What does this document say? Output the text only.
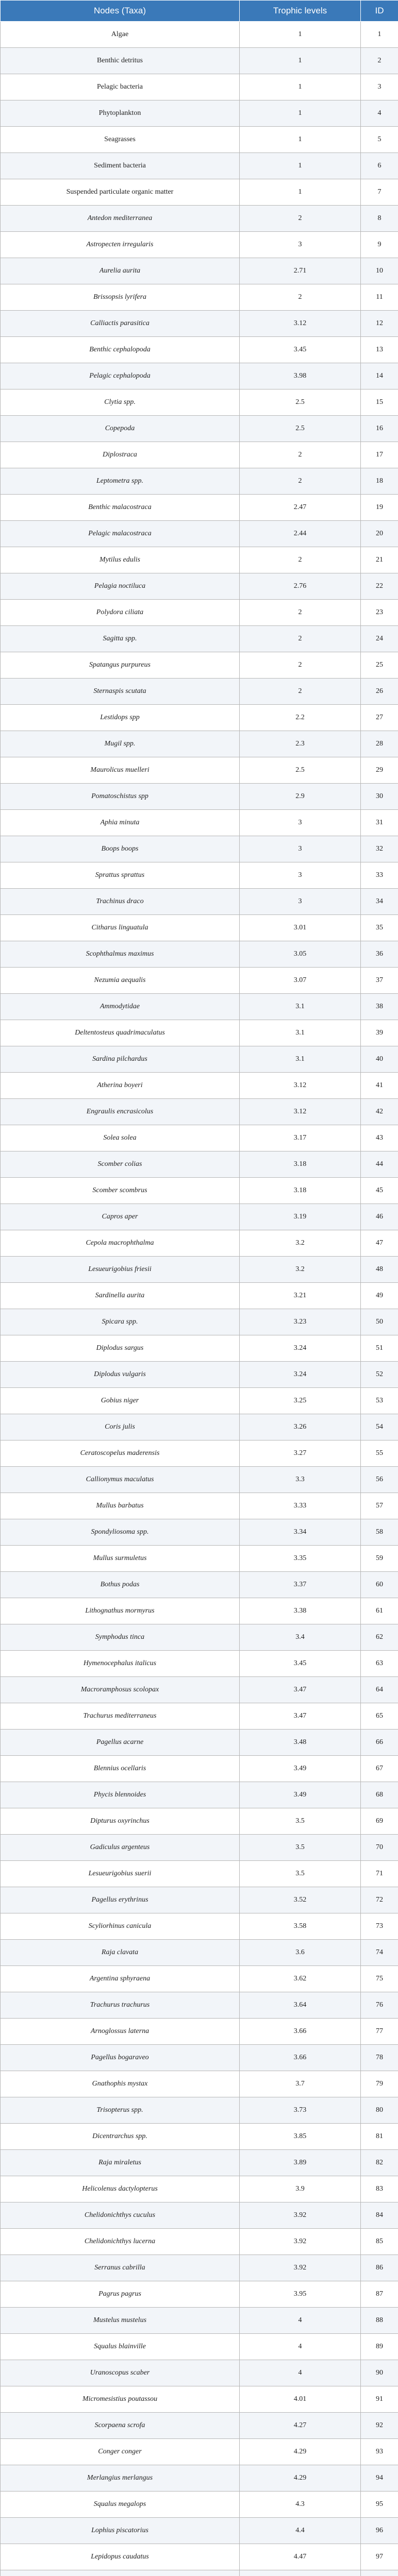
Nodes (Taxa)	Trophic levels	ID
Algae	1	1
Benthic detritus	1	2
Pelagic bacteria	1	3
Phytoplankton	1	4
Seagrasses	1	5
Sediment bacteria	1	6
Suspended particulate organic matter	1	7
Antedon mediterranea	2	8
Astropecten irregularis	3	9
Aurelia aurita	2.71	10
Brissopsis lyrifera	2	11
Calliactis parasitica	3.12	12
Benthic cephalopoda	3.45	13
Pelagic cephalopoda	3.98	14
Clytia spp.	2.5	15
Copepoda	2.5	16
Diplostraca	2	17
Leptometra spp.	2	18
Benthic malacostraca	2.47	19
Pelagic malacostraca	2.44	20
Mytilus edulis	2	21
Pelagia noctiluca	2.76	22
Polydora ciliata	2	23
Sagitta spp.	2	24
Spatangus purpureus	2	25
Sternaspis scutata	2	26
Lestidops spp	2.2	27
Mugil spp.	2.3	28
Maurolicus muelleri	2.5	29
Pomatoschistus spp	2.9	30
Aphia minuta	3	31
Boops boops	3	32
Sprattus sprattus	3	33
Trachinus draco	3	34
Citharus linguatula	3.01	35
Scophthalmus maximus	3.05	36
Nezumia aequalis	3.07	37
Ammodytidae	3.1	38
Deltentosteus quadrimaculatus	3.1	39
Sardina pilchardus	3.1	40
Atherina boyeri	3.12	41
Engraulis encrasicolus	3.12	42
Solea solea	3.17	43
Scomber colias	3.18	44
Scomber scombrus	3.18	45
Capros aper	3.19	46
Cepola macrophthalma	3.2	47
Lesueurigobius friesii	3.2	48
Sardinella aurita	3.21	49
Spicara spp.	3.23	50
Diplodus sargus	3.24	51
Diplodus vulgaris	3.24	52
Gobius niger	3.25	53
Coris julis	3.26	54
Ceratoscopelus maderensis	3.27	55
Callionymus maculatus	3.3	56
Mullus barbatus	3.33	57
Spondyliosoma spp.	3.34	58
Mullus surmuletus	3.35	59
Bothus podas	3.37	60
Lithognathus mormyrus	3.38	61
Symphodus tinca	3.4	62
Hymenocephalus italicus	3.45	63
Macroramphosus scolopax	3.47	64
Trachurus mediterraneus	3.47	65
Pagellus acarne	3.48	66
Blennius ocellaris	3.49	67
Phycis blennoides	3.49	68
Dipturus oxyrinchus	3.5	69
Gadiculus argenteus	3.5	70
Lesueurigobius suerii	3.5	71
Pagellus erythrinus	3.52	72
Scyliorhinus canicula	3.58	73
Raja clavata	3.6	74
Argentina sphyraena	3.62	75
Trachurus trachurus	3.64	76
Arnoglossus laterna	3.66	77
Pagellus bogaraveo	3.66	78
Gnathophis mystax	3.7	79
Trisopterus spp.	3.73	80
Dicentrarchus spp.	3.85	81
Raja miraletus	3.89	82
Helicolenus dactylopterus	3.9	83
Chelidonichthys cuculus	3.92	84
Chelidonichthys lucerna	3.92	85
Serranus cabrilla	3.92	86
Pagrus pagrus	3.95	87
Mustelus mustelus	4	88
Squalus blainville	4	89
Uranoscopus scaber	4	90
Micromesistius poutassou	4.01	91
Scorpaena scrofa	4.27	92
Conger conger	4.29	93
Merlangius merlangus	4.29	94
Squalus megalops	4.3	95
Lophius piscatorius	4.4	96
Lepidopus caudatus	4.47	97
